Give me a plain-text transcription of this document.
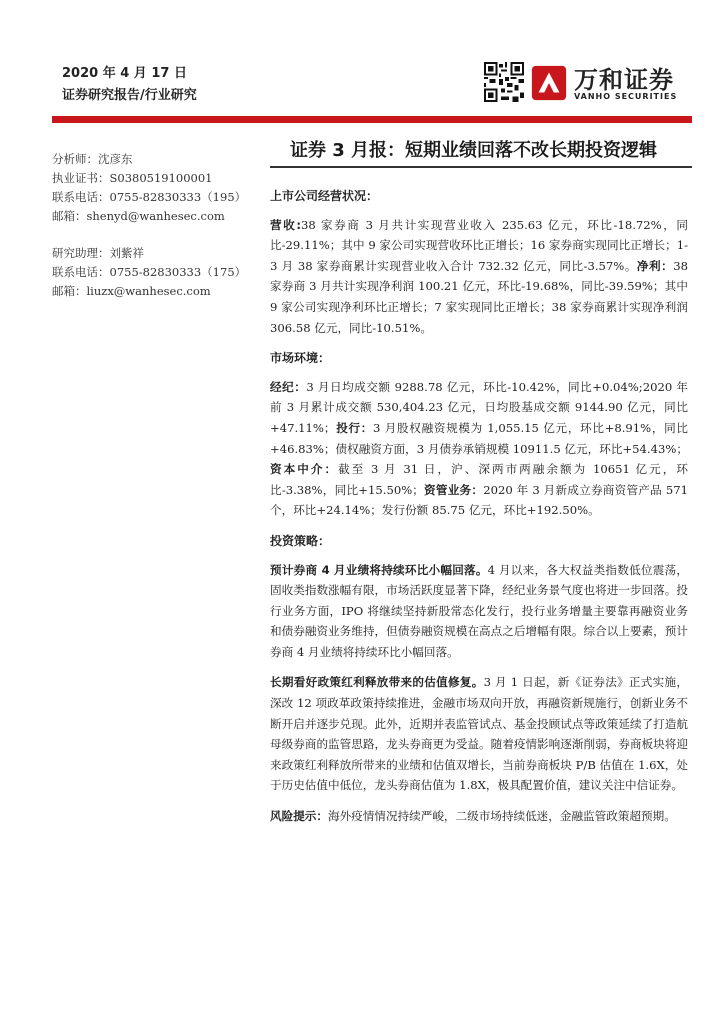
2020 年 4 月 17 日
证券研究报告/行业研究
万和证券
VANHO SECURITIES
分析师：沈彦东
执业证书：S0380519100001
联系电话：0755-82830333（195）
邮箱：shenyd@wanhesec.com
研究助理：刘紫祥
联系电话：0755-82830333（175）
邮箱：liuzx@wanhesec.com
证券 3 月报：短期业绩回落不改长期投资逻辑
上市公司经营状况：

营收:38 家券商 3 月共计实现营业收入 235.63 亿元，环比-18.72%，同比-29.11%；其中 9 家公司实现营收环比正增长；16 家券商实现同比正增长；1-3 月 38 家券商累计实现营业收入合计 732.32 亿元，同比-3.57%。净利：38 家券商 3 月共计实现净利润 100.21 亿元，环比-19.68%，同比-39.59%；其中 9 家公司实现净利环比正增长；7 家实现同比正增长；38 家券商累计实现净利润 306.58 亿元，同比-10.51%。

市场环境：

经纪：3 月日均成交额 9288.78 亿元，环比-10.42%，同比+0.04%;2020 年前 3 月累计成交额 530,404.23 亿元，日均股基成交额 9144.90 亿元，同比+47.11%；投行：3 月股权融资规模为 1,055.15 亿元，环比+8.91%，同比+46.83%；债权融资方面，3 月债券承销规模 10911.5 亿元，环比+54.43%；资本中介：截至 3 月 31 日，沪、深两市两融余额为 10651 亿元，环比-3.38%，同比+15.50%；资管业务：2020 年 3 月新成立券商资管产品 571 个，环比+24.14%；发行份额 85.75 亿元，环比+192.50%。

投资策略：

预计券商 4 月业绩将持续环比小幅回落。4 月以来，各大权益类指数低位震荡，固收类指数涨幅有限，市场活跃度显著下降，经纪业务景气度也将进一步回落。投行业务方面，IPO 将继续坚持新股常态化发行，投行业务增量主要靠再融资业务和债券融资业务维持，但债券融资规模在高点之后增幅有限。综合以上要素，预计券商 4 月业绩将持续环比小幅回落。

长期看好政策红利释放带来的估值修复。3 月 1 日起，新《证券法》正式实施，深改 12 项政革政策持续推进，金融市场双向开放，再融资新规施行，创新业务不断开启并逐步兑现。此外，近期并表监管试点、基金投顾试点等政策延续了打造航母级券商的监管思路，龙头券商更为受益。随着疫情影响逐渐削弱，券商板块将迎来政策红利释放所带来的业绩和估值双增长，当前券商板块 P/B 估值在 1.6X，处于历史估值中低位，龙头券商估值为 1.8X，极具配置价值，建议关注中信证券。

风险提示：海外疫情情况持续严峻，二级市场持续低迷，金融监管政策超预期。
